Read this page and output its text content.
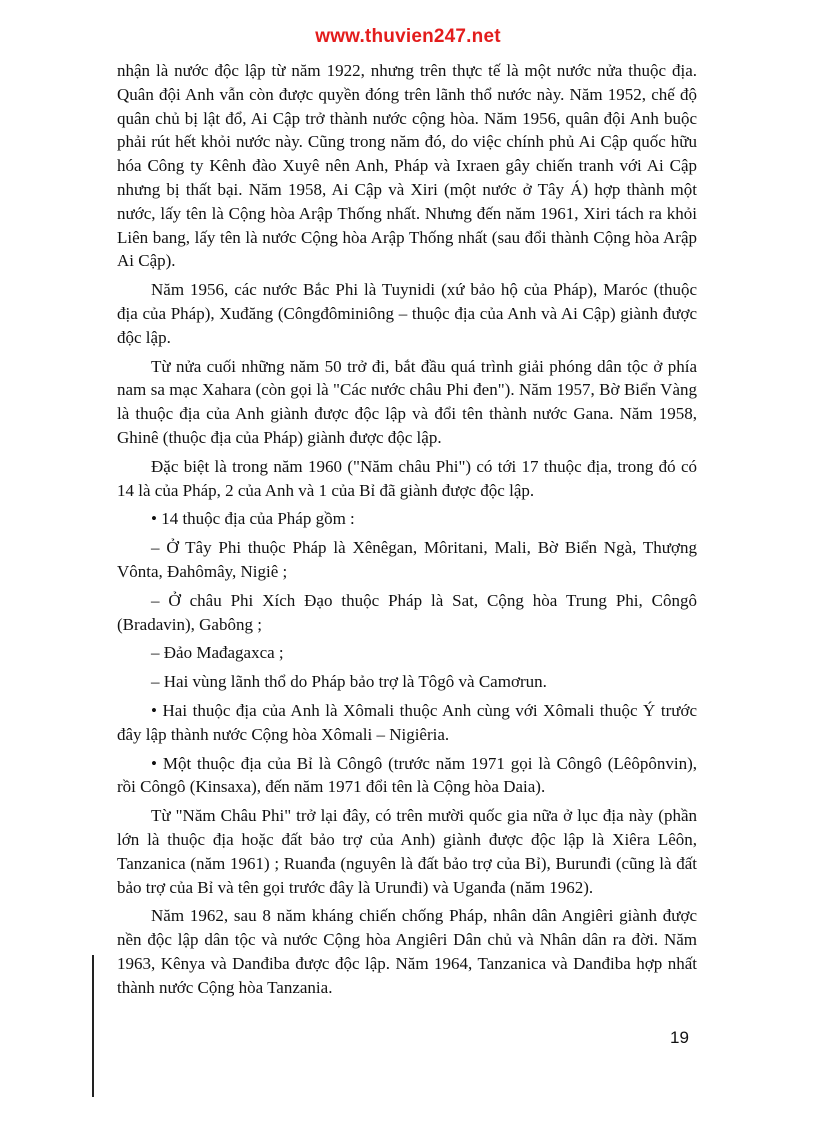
www.thuvien247.net

nhận là nước độc lập từ năm 1922, nhưng trên thực tế là một nước nửa thuộc địa. Quân đội Anh vẫn còn được quyền đóng trên lãnh thổ nước này. Năm 1952, chế độ quân chủ bị lật đổ, Ai Cập trở thành nước cộng hòa. Năm 1956, quân đội Anh buộc phải rút hết khỏi nước này. Cũng trong năm đó, do việc chính phủ Ai Cập quốc hữu hóa Công ty Kênh đào Xuyê nên Anh, Pháp và Ixraen gây chiến tranh với Ai Cập nhưng bị thất bại. Năm 1958, Ai Cập và Xiri (một nước ở Tây Á) hợp thành một nước, lấy tên là Cộng hòa Arập Thống nhất. Nhưng đến năm 1961, Xiri tách ra khỏi Liên bang, lấy tên là nước Cộng hòa Arập Thống nhất (sau đổi thành Cộng hòa Arập Ai Cập).

Năm 1956, các nước Bắc Phi là Tuynidi (xứ bảo hộ của Pháp), Maróc (thuộc địa của Pháp), Xuđăng (Côngđôminiông – thuộc địa của Anh và Ai Cập) giành được độc lập.

Từ nửa cuối những năm 50 trở đi, bắt đầu quá trình giải phóng dân tộc ở phía nam sa mạc Xahara (còn gọi là "Các nước châu Phi đen"). Năm 1957, Bờ Biển Vàng là thuộc địa của Anh giành được độc lập và đổi tên thành nước Gana. Năm 1958, Ghinê (thuộc địa của Pháp) giành được độc lập.

Đặc biệt là trong năm 1960 ("Năm châu Phi") có tới 17 thuộc địa, trong đó có 14 là của Pháp, 2 của Anh và 1 của Bỉ đã giành được độc lập.

• 14 thuộc địa của Pháp gồm :

– Ở Tây Phi thuộc Pháp là Xênêgan, Môritani, Mali, Bờ Biển Ngà, Thượng Vônta, Đahômây, Nigiê ;

– Ở châu Phi Xích Đạo thuộc Pháp là Sat, Cộng hòa Trung Phi, Côngô (Bradavin), Gabông ;

– Đảo Mađagaxca ;

– Hai vùng lãnh thổ do Pháp bảo trợ là Tôgô và Camơrun.

• Hai thuộc địa của Anh là Xômali thuộc Anh cùng với Xômali thuộc Ý trước đây lập thành nước Cộng hòa Xômali – Nigiêria.

• Một thuộc địa của Bỉ là Côngô (trước năm 1971 gọi là Côngô (Lêôpônvin), rồi Côngô (Kinsaxa), đến năm 1971 đổi tên là Cộng hòa Daia).

Từ "Năm Châu Phi" trở lại đây, có trên mười quốc gia nữa ở lục địa này (phần lớn là thuộc địa hoặc đất bảo trợ của Anh) giành được độc lập là Xiêra Lêôn, Tanzanica (năm 1961) ; Ruanđa (nguyên là đất bảo trợ của Bỉ), Burunđi (cũng là đất bảo trợ của Bỉ và tên gọi trước đây là Urunđi) và Uganđa (năm 1962).

Năm 1962, sau 8 năm kháng chiến chống Pháp, nhân dân Angiêri giành được nền độc lập dân tộc và nước Cộng hòa Angiêri Dân chủ và Nhân dân ra đời. Năm 1963, Kênya và Danđiba được độc lập. Năm 1964, Tanzanica và Danđiba hợp nhất thành nước Cộng hòa Tanzania.

19
